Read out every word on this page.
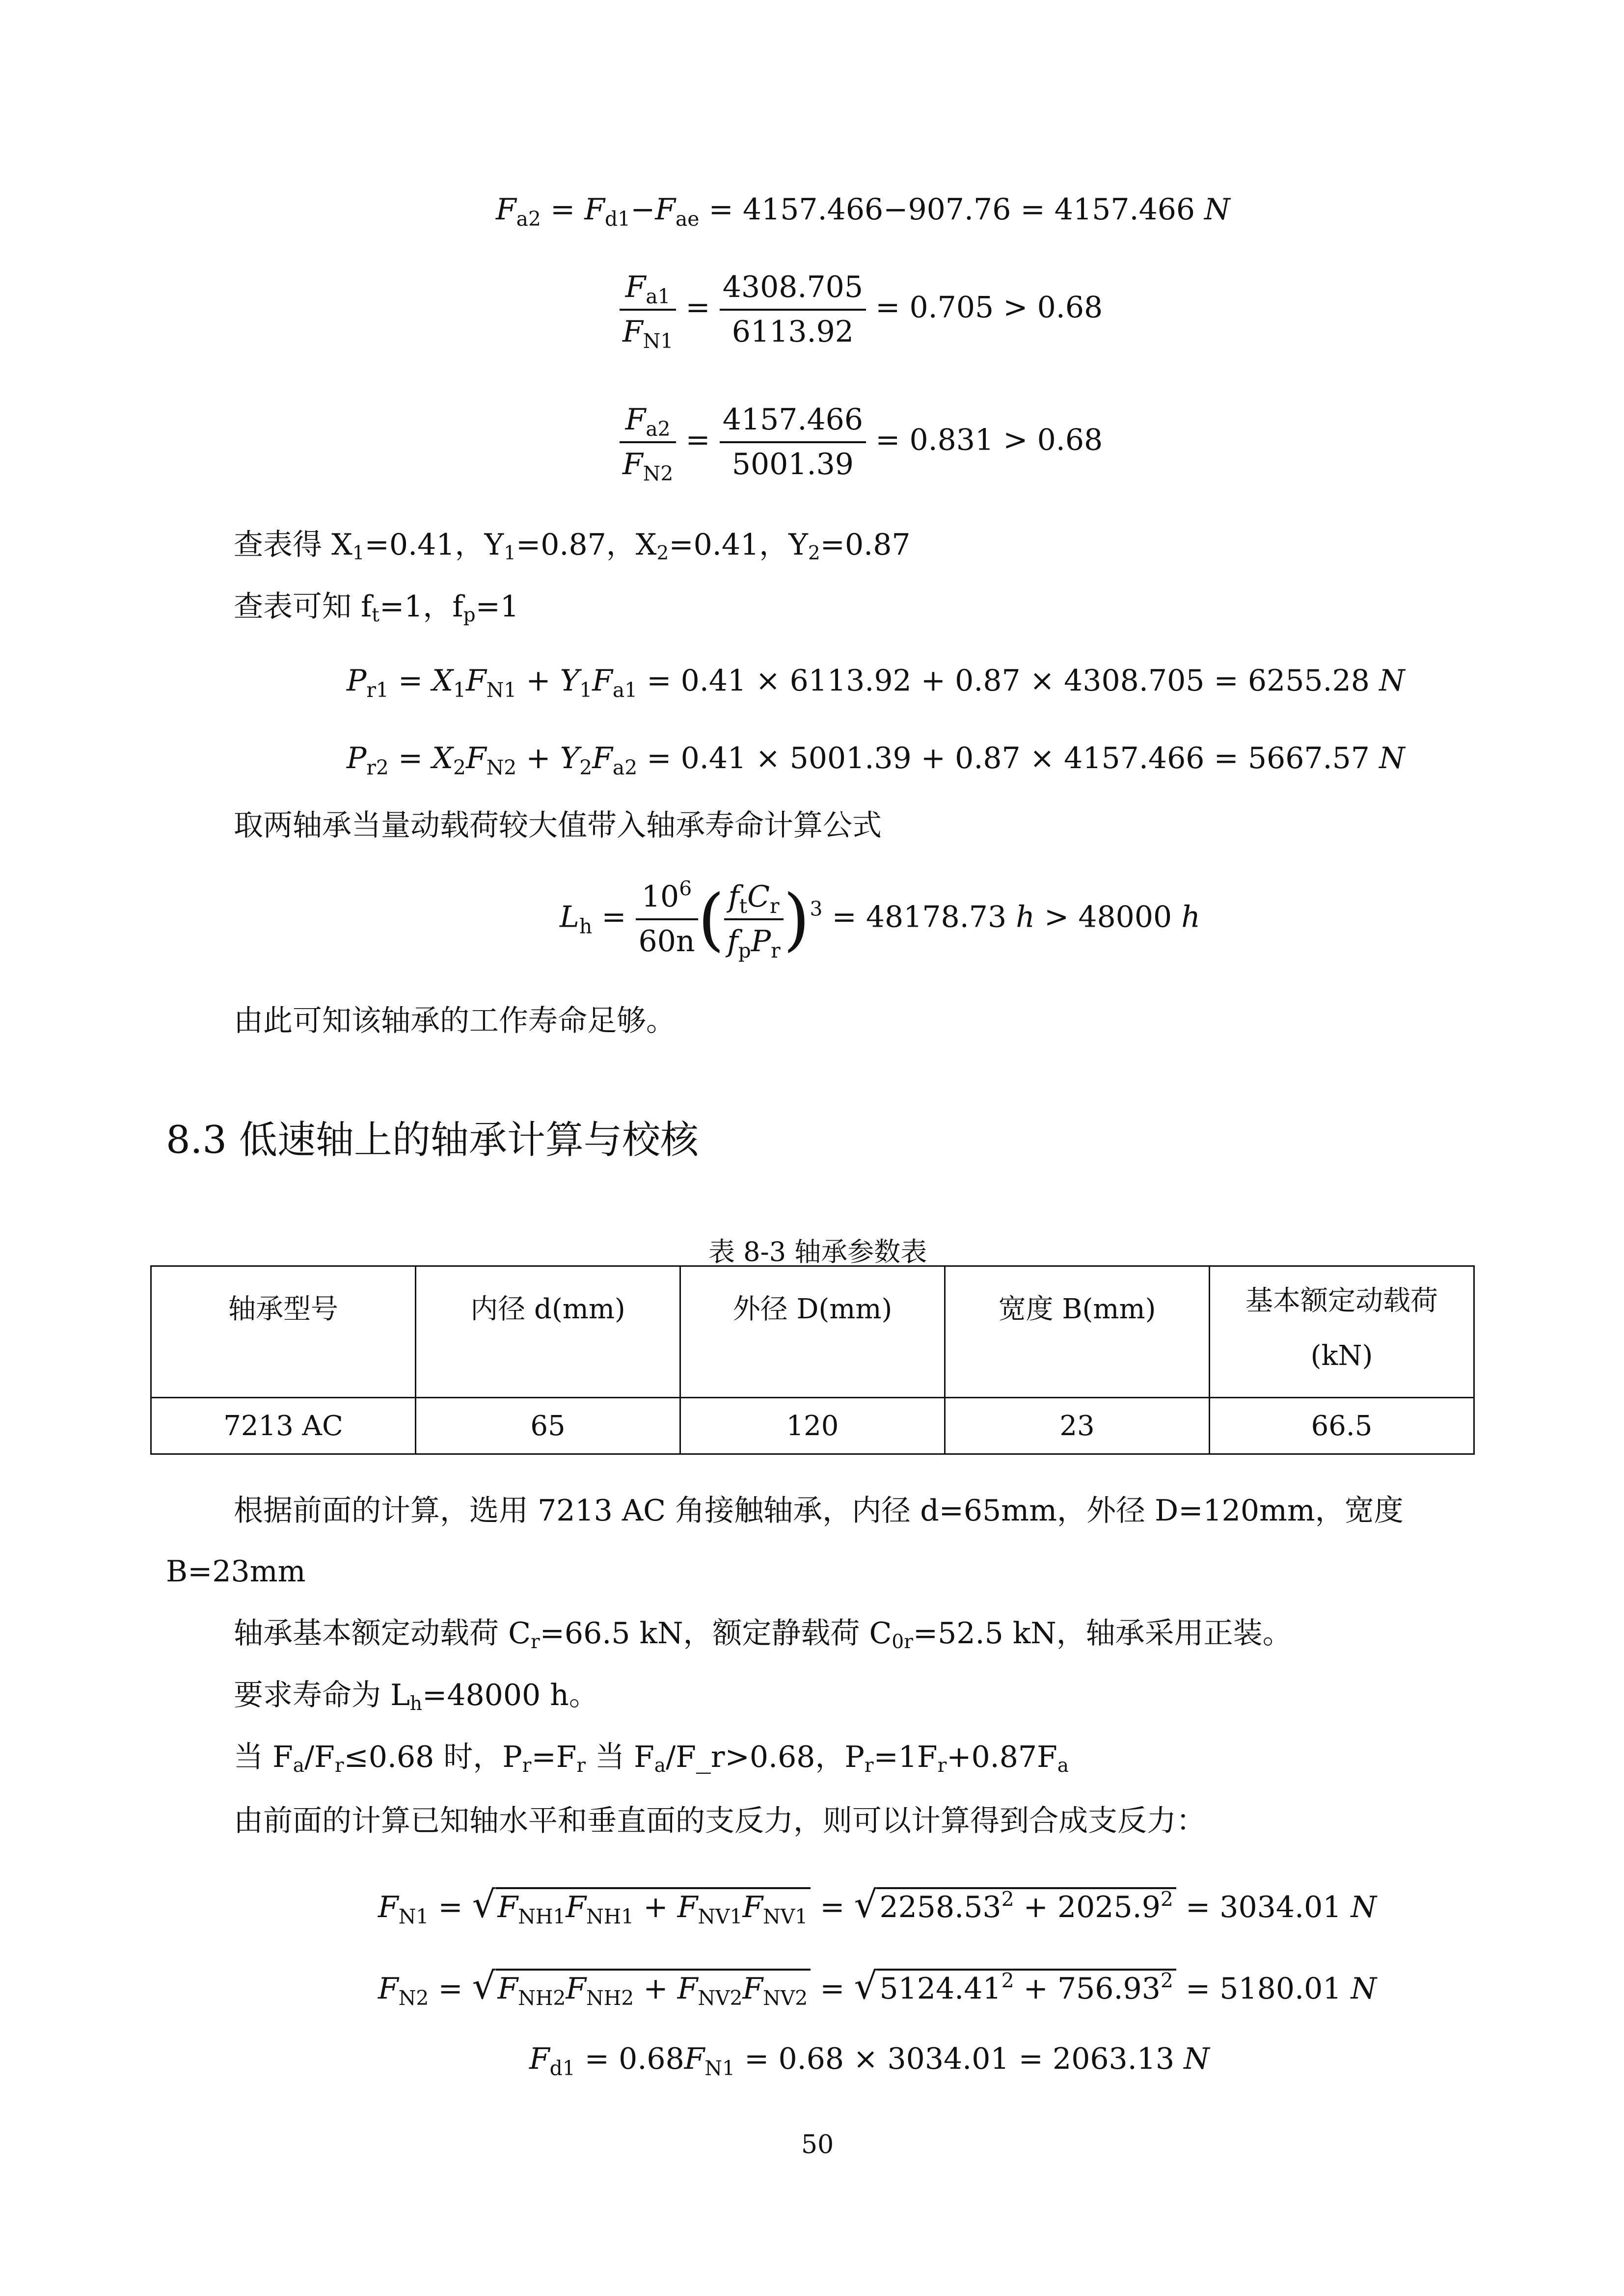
$F_{a2} = F_{d1}-F_{ae} = 4157.466-907.76 = 4157.466$ N
$\frac{F_{a1}}{F_{N1}} = \frac{4308.705}{6113.92} = 0.705 > 0.68$
$\frac{F_{a2}}{F_{N2}} = \frac{4157.466}{5001.39} = 0.831 > 0.68$
查表得 X1=0.41，Y1=0.87，X2=0.41，Y2=0.87
查表可知 ft=1，fp=1
$P_{r1} = X_1F_{N1} + Y_1F_{a1} = 0.41 \times 6113.92 + 0.87 \times 4308.705 = 6255.28$ N
$P_{r2} = X_2F_{N2} + Y_2F_{a2} = 0.41 \times 5001.39 + 0.87 \times 4157.466 = 5667.57$ N
取两轴承当量动载荷较大值带入轴承寿命计算公式
$L_h = \frac{10^6}{60n}$ ( $\frac{f_tC_r}{f_pP_r} )^3 = 48178.73$ h > 48000 h
由此可知该轴承的工作寿命足够。
8.3 低速轴上的轴承计算与校核
表 8-3 轴承参数表
轴承型号	内径 d(mm)	外径 D(mm)	宽度 B(mm)	基本额定动载荷
(kN)

7213 AC	65	120	23	66.5
根据前面的计算，选用 7213 AC 角接触轴承，内径 d=65mm，外径 D=120mm，宽度
B=23mm
轴承基本额定动载荷 Cr=66.5 kN，额定静载荷 C0r=52.5 kN，轴承采用正装。
要求寿命为 Lh=48000 h。
当 Fa/Fr≤0.68 时，Pr=Fr 当 Fa/F_r>0.68，Pr=1Fr+0.87Fa
由前面的计算已知轴水平和垂直面的支反力，则可以计算得到合成支反力：
$F_{N1} = √F_{NH1}F_{NH1} + F_{NV1}F_{NV1} = √2258.53^2 + 2025.9^2 = 3034.01$ N
$F_{N2} = √F_{NH2}F_{NH2} + F_{NV2}F_{NV2} = √5124.41^2 + 756.93^2 = 5180.01$ N
$F_{d1} = 0.68F_{N1} = 0.68 \times 3034.01 = 2063.13$ N
50
